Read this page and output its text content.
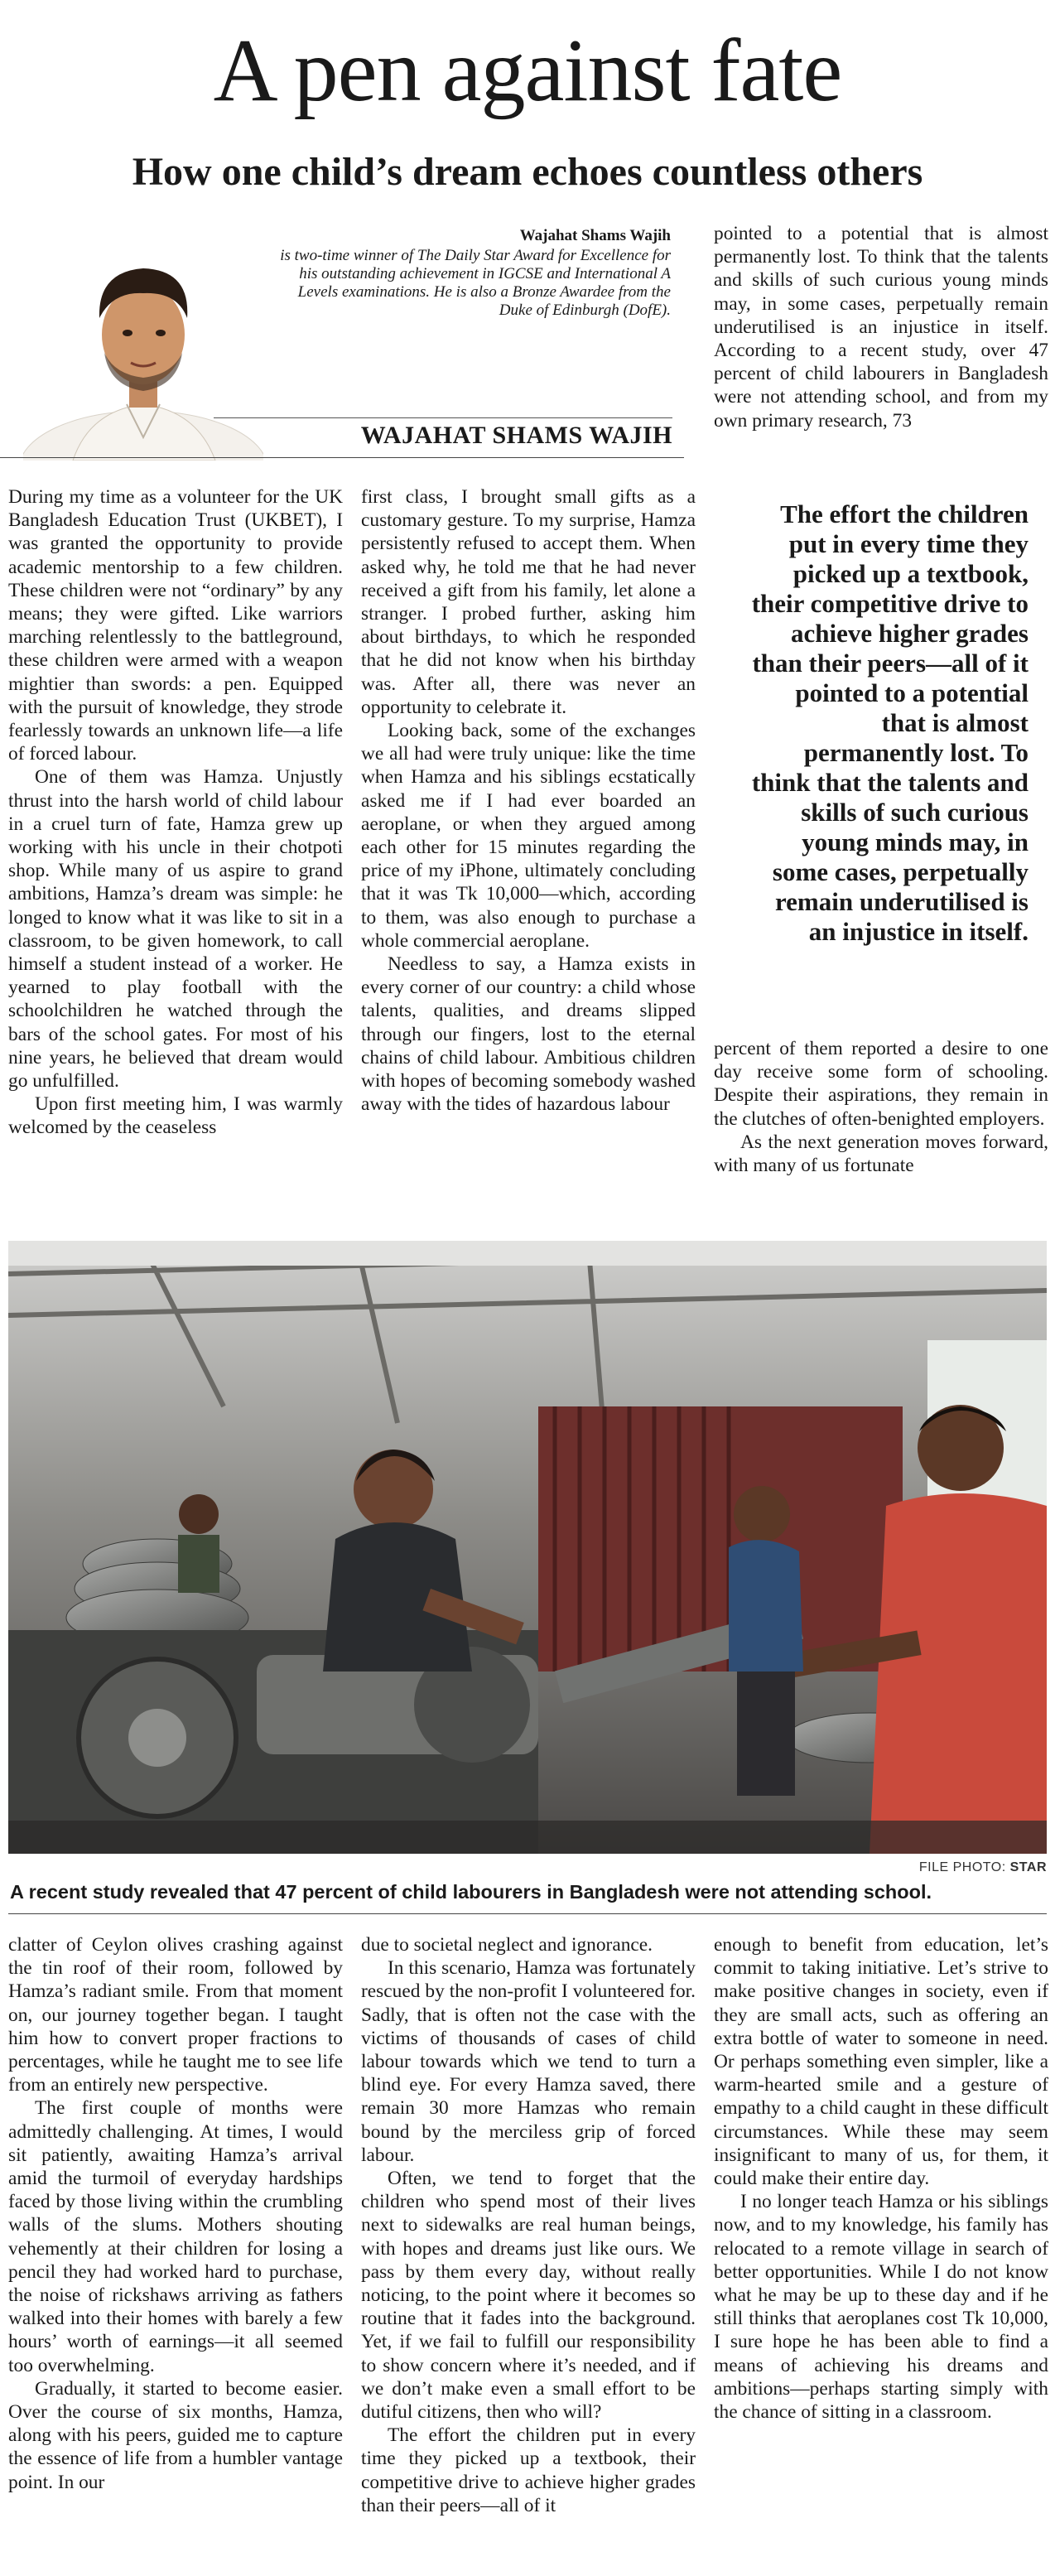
A pen against fate
How one child’s dream echoes countless others
Wajahat Shams Wajih
is two-time winner of The Daily Star Award for Excellence for his outstanding achievement in IGCSE and International A Levels examinations. He is also a Bronze Awardee from the Duke of Edinburgh (DofE).
WAJAHAT SHAMS WAJIH

During my time as a volunteer for the UK Bangladesh Education Trust (UKBET), I was granted the opportunity to provide academic mentorship to a few children. These children were not “ordinary” by any means; they were gifted. Like warriors marching relentlessly to the battleground, these children were armed with a weapon mightier than swords: a pen. Equipped with the pursuit of knowledge, they strode fearlessly towards an unknown life—a life of forced labour.

One of them was Hamza. Unjustly thrust into the harsh world of child labour in a cruel turn of fate, Hamza grew up working with his uncle in their chotpoti shop. While many of us aspire to grand ambitions, Hamza’s dream was simple: he longed to know what it was like to sit in a classroom, to be given homework, to call himself a student instead of a worker. He yearned to play football with the schoolchildren he watched through the bars of the school gates. For most of his nine years, he believed that dream would go unfulfilled.

Upon first meeting him, I was warmly welcomed by the ceaseless

first class, I brought small gifts as a customary gesture. To my surprise, Hamza persistently refused to accept them. When asked why, he told me that he had never received a gift from his family, let alone a stranger. I probed further, asking him about birthdays, to which he responded that he did not know when his birthday was. After all, there was never an opportunity to celebrate it.

Looking back, some of the exchanges we all had were truly unique: like the time when Hamza and his siblings ecstatically asked me if I had ever boarded an aeroplane, or when they argued among each other for 15 minutes regarding the price of my iPhone, ultimately concluding that it was Tk 10,000—which, according to them, was also enough to purchase a whole commercial aeroplane.

Needless to say, a Hamza exists in every corner of our country: a child whose talents, qualities, and dreams slipped through our fingers, lost to the eternal chains of child labour. Ambitious children with hopes of becoming somebody washed away with the tides of hazardous labour

pointed to a potential that is almost permanently lost. To think that the talents and skills of such curious young minds may, in some cases, perpetually remain underutilised is an injustice in itself. According to a recent study, over 47 percent of child labourers in Bangladesh were not attending school, and from my own primary research, 73

The effort the children put in every time they picked up a textbook, their competitive drive to achieve higher grades than their peers—all of it pointed to a potential that is almost permanently lost. To think that the talents and skills of such curious young minds may, in some cases, perpetually remain underutilised is an injustice in itself.

percent of them reported a desire to one day receive some form of schooling. Despite their aspirations, they remain in the clutches of often-benighted employers.

As the next generation moves forward, with many of us fortunate

FILE PHOTO: STAR
A recent study revealed that 47 percent of child labourers in Bangladesh were not attending school.

clatter of Ceylon olives crashing against the tin roof of their room, followed by Hamza’s radiant smile. From that moment on, our journey together began. I taught him how to convert proper fractions to percentages, while he taught me to see life from an entirely new perspective.

The first couple of months were admittedly challenging. At times, I would sit patiently, awaiting Hamza’s arrival amid the turmoil of everyday hardships faced by those living within the crumbling walls of the slums. Mothers shouting vehemently at their children for losing a pencil they had worked hard to purchase, the noise of rickshaws arriving as fathers walked into their homes with barely a few hours’ worth of earnings—it all seemed too overwhelming.

Gradually, it started to become easier. Over the course of six months, Hamza, along with his peers, guided me to capture the essence of life from a humbler vantage point. In our

due to societal neglect and ignorance.

In this scenario, Hamza was fortunately rescued by the non-profit I volunteered for. Sadly, that is often not the case with the victims of thousands of cases of child labour towards which we tend to turn a blind eye. For every Hamza saved, there remain 30 more Hamzas who remain bound by the merciless grip of forced labour.

Often, we tend to forget that the children who spend most of their lives next to sidewalks are real human beings, with hopes and dreams just like ours. We pass by them every day, without really noticing, to the point where it becomes so routine that it fades into the background. Yet, if we fail to fulfill our responsibility to show concern where it’s needed, and if we don’t make even a small effort to be dutiful citizens, then who will?

The effort the children put in every time they picked up a textbook, their competitive drive to achieve higher grades than their peers—all of it

enough to benefit from education, let’s commit to taking initiative. Let’s strive to make positive changes in society, even if they are small acts, such as offering an extra bottle of water to someone in need. Or perhaps something even simpler, like a warm-hearted smile and a gesture of empathy to a child caught in these difficult circumstances. While these may seem insignificant to many of us, for them, it could make their entire day.

I no longer teach Hamza or his siblings now, and to my knowledge, his family has relocated to a remote village in search of better opportunities. While I do not know what he may be up to these day and if he still thinks that aeroplanes cost Tk 10,000, I sure hope he has been able to find a means of achieving his dreams and ambitions—perhaps starting simply with the chance of sitting in a classroom.
